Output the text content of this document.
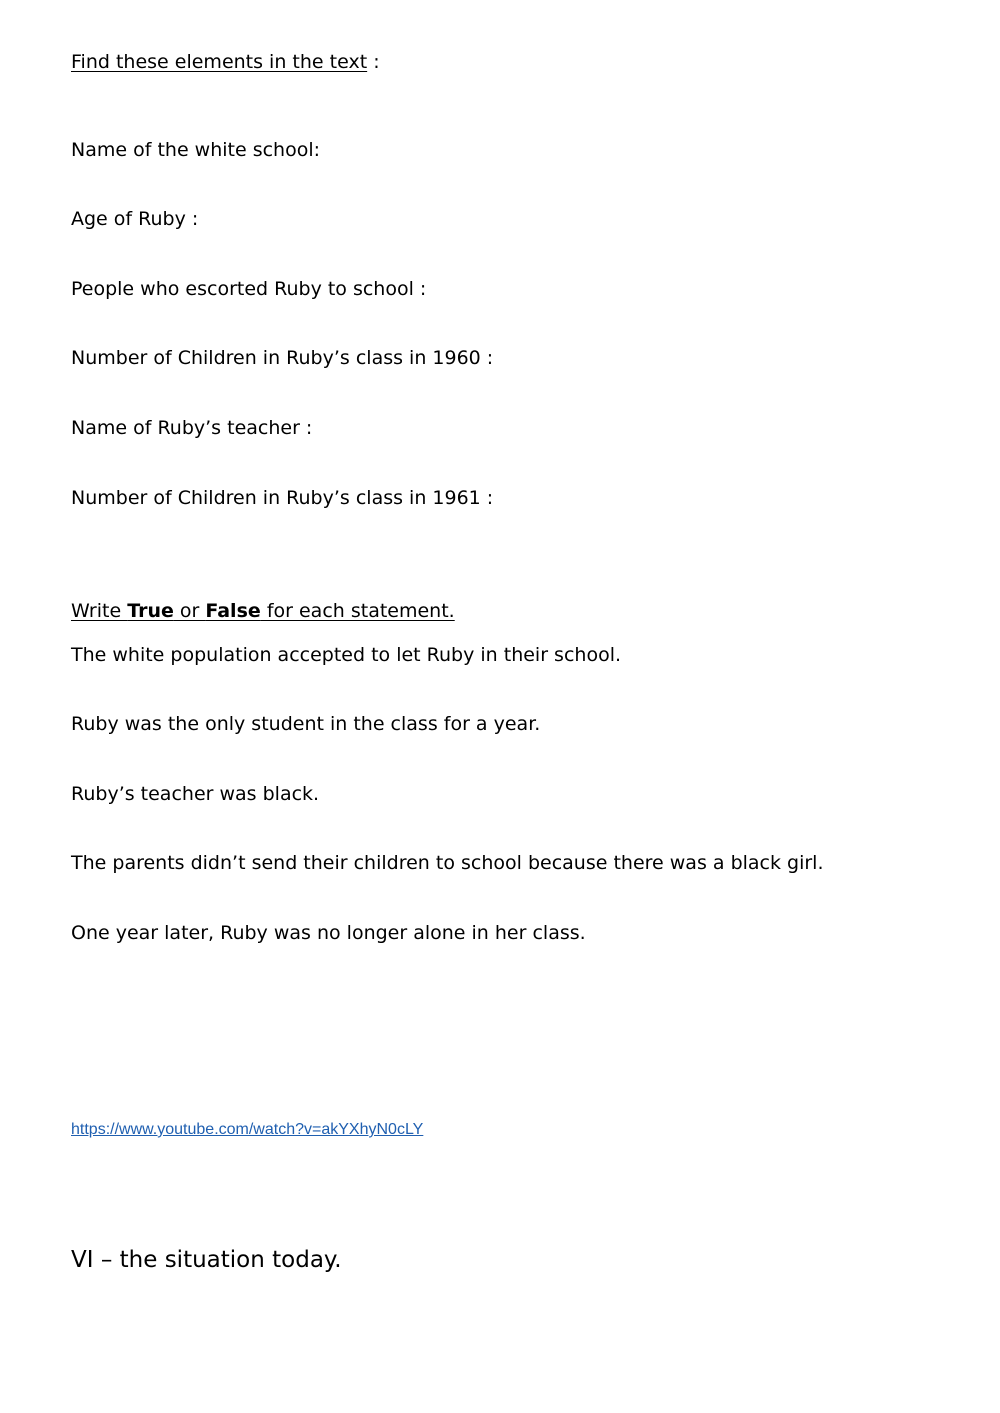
Find these elements in the text :
Name of the white school:
Age of Ruby :
People who escorted Ruby to school :
Number of Children in Ruby’s class in 1960 :
Name of Ruby’s teacher :
Number of Children in Ruby’s class in 1961 :
Write True or False for each statement.
The white population accepted to let Ruby in their school.
Ruby was the only student in the class for a year.
Ruby’s teacher was black.
The parents didn’t send their children to school because there was a black girl.
One year later, Ruby was no longer alone in her class.
https://www.youtube.com/watch?v=akYXhyN0cLY
VI – the situation today.
